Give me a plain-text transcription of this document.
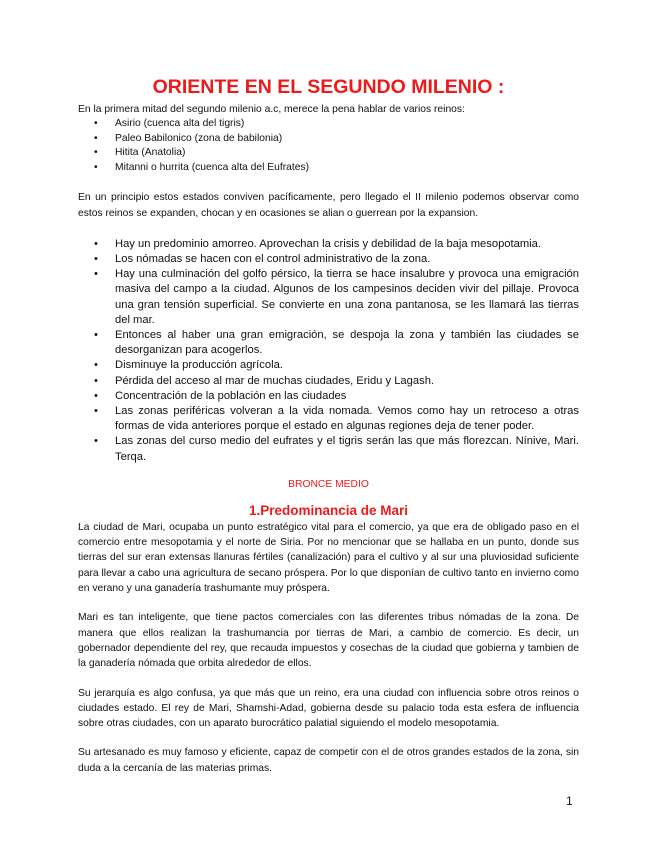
ORIENTE EN EL SEGUNDO MILENIO :

En la primera mitad del segundo milenio a.c, merece la pena hablar de varios reinos:

• Asirio (cuenca alta del tigris)
• Paleo Babilonico (zona de babilonia)
• Hitita (Anatolia)
• Mitanni o hurrita (cuenca alta del Eufrates)

En un principio estos estados conviven pacíficamente, pero llegado el II milenio podemos observar como estos reinos se expanden, chocan y en ocasiones se alian o guerrean por la expansion.

• Hay un predominio amorreo. Aprovechan la crisis y debilidad de la baja mesopotamia.
• Los nómadas se hacen con el control administrativo de la zona.
• Hay una culminación del golfo pérsico, la tierra se hace insalubre y provoca una emigración masiva del campo a la ciudad. Algunos de los campesinos deciden vivir del pillaje. Provoca una gran tensión superficial. Se convierte en una zona pantanosa, se les llamará las tierras del mar.
• Entonces al haber una gran emigración, se despoja la zona y también las ciudades se desorganizan para acogerlos.
• Disminuye la producción agrícola.
• Pérdida del acceso al mar de muchas ciudades, Eridu y Lagash.
• Concentración de la población en las ciudades
• Las zonas periféricas volveran a la vida nomada. Vemos como hay un retroceso a otras formas de vida anteriores porque el estado en algunas regiones deja de tener poder.
• Las zonas del curso medio del eufrates y el tigris serán las que más florezcan. Nínive, Mari. Terqa.
BRONCE MEDIO
1.Predominancia de Mari

La ciudad de Mari, ocupaba un punto estratégico vital para el comercio, ya que era de obligado paso en el comercio entre mesopotamia y el norte de Siria. Por no mencionar que se hallaba en un punto, donde sus tierras del sur eran extensas llanuras fértiles (canalización) para el cultivo y al sur una pluviosidad suficiente para llevar a cabo una agricultura de secano próspera. Por lo que disponían de cultivo tanto en invierno como en verano y una ganadería trashumante muy próspera.

Mari es tan inteligente, que tiene pactos comerciales con las diferentes tribus nómadas de la zona. De manera que ellos realizan la trashumancia por tierras de Mari, a cambio de comercio. Es decir, un gobernador dependiente del rey, que recauda impuestos y cosechas de la ciudad que gobierna y tambien de la ganadería nómada que orbita alrededor de ellos.

Su jerarquía es algo confusa, ya que más que un reino, era una ciudad con influencia sobre otros reinos o ciudades estado. El rey de Mari, Shamshi-Adad, gobierna desde su palacio toda esta esfera de influencia sobre otras ciudades, con un aparato burocrático palatial siguiendo el modelo mesopotamia.

Su artesanado es muy famoso y eficiente, capaz de competir con el de otros grandes estados de la zona, sin duda a la cercanía de las materias primas.

1
